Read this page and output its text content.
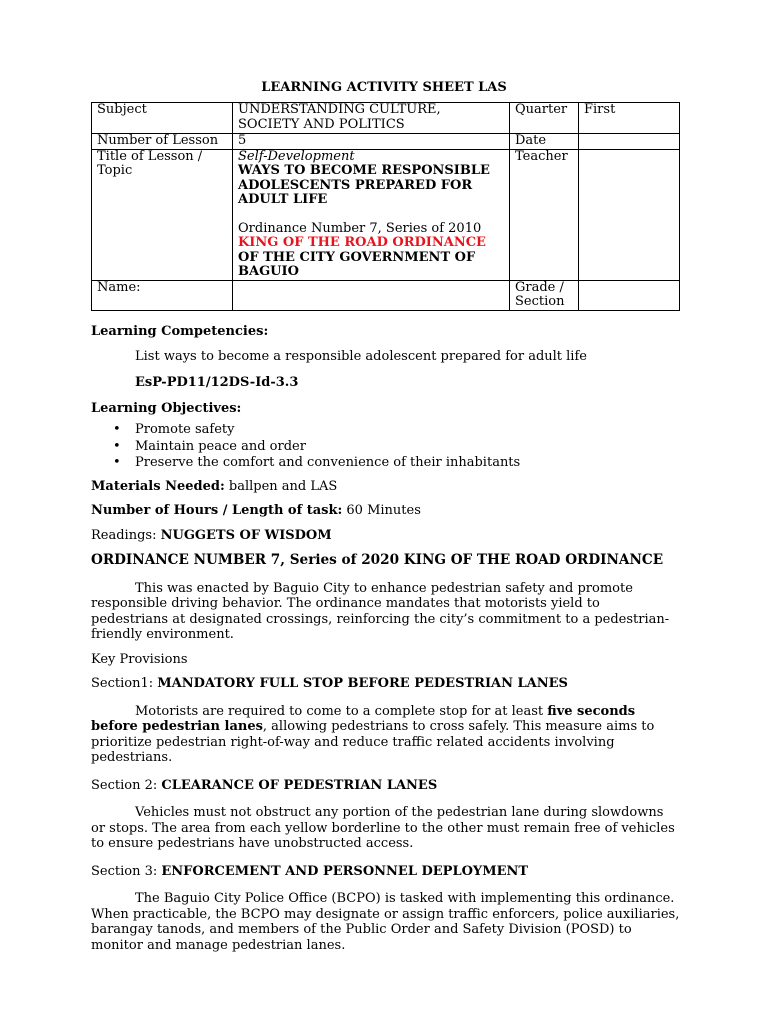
LEARNING ACTIVITY SHEET LAS
Subject	UNDERSTANDING CULTURE, SOCIETY AND POLITICS	Quarter	First
Number of Lesson	5	Date	
Title of Lesson / Topic	Self-Development
WAYS TO BECOME RESPONSIBLE ADOLESCENTS PREPARED FOR ADULT LIFE
Ordinance Number 7, Series of 2010
KING OF THE ROAD ORDINANCE
OF THE CITY GOVERNMENT OF BAGUIO	Teacher	
Name:		Grade / Section	

Learning Competencies:

List ways to become a responsible adolescent prepared for adult life

EsP-PD11/12DS-Id-3.3

Learning Objectives:

• Promote safety
• Maintain peace and order
• Preserve the comfort and convenience of their inhabitants

Materials Needed: ballpen and LAS

Number of Hours / Length of task: 60 Minutes

Readings: NUGGETS OF WISDOM

ORDINANCE NUMBER 7, Series of 2020 KING OF THE ROAD ORDINANCE

This was enacted by Baguio City to enhance pedestrian safety and promote responsible driving behavior. The ordinance mandates that motorists yield to pedestrians at designated crossings, reinforcing the city’s commitment to a pedestrian-friendly environment.

Key Provisions

Section1: MANDATORY FULL STOP BEFORE PEDESTRIAN LANES

Motorists are required to come to a complete stop for at least five seconds before pedestrian lanes, allowing pedestrians to cross safely. This measure aims to prioritize pedestrian right-of-way and reduce traffic related accidents involving pedestrians.

Section 2: CLEARANCE OF PEDESTRIAN LANES

Vehicles must not obstruct any portion of the pedestrian lane during slowdowns or stops. The area from each yellow borderline to the other must remain free of vehicles to ensure pedestrians have unobstructed access.

Section 3: ENFORCEMENT AND PERSONNEL DEPLOYMENT

The Baguio City Police Office (BCPO) is tasked with implementing this ordinance. When practicable, the BCPO may designate or assign traffic enforcers, police auxiliaries, barangay tanods, and members of the Public Order and Safety Division (POSD) to monitor and manage pedestrian lanes.
